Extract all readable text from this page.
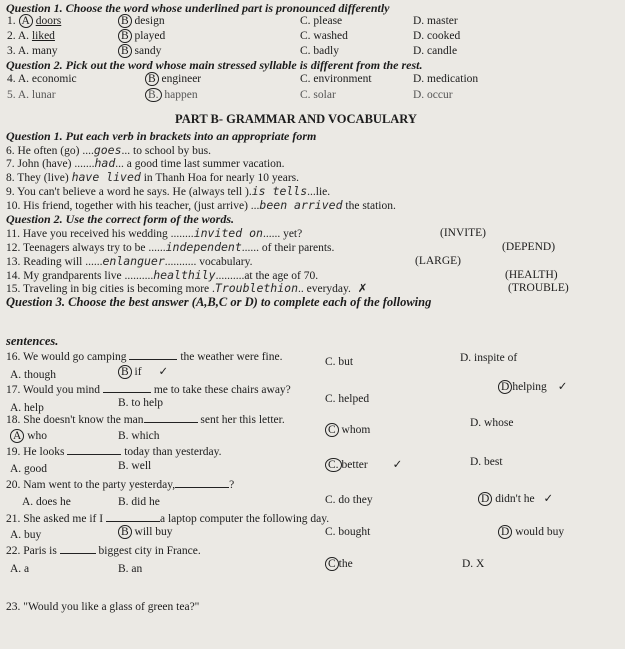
Question 1. Choose the word whose underlined part is pronounced differently
1. A doors	B design	C. please	D. master
2. A. liked	B played	C. washed	D. cooked
3. A. many	B sandy	C. badly	D. candle
Question 2. Pick out the word whose main stressed syllable is different from the rest.
4. A. economic	B engineer	C. environment	D. medication
5. A. lunar	B. happen	C. solar	D. occur
PART B- GRAMMAR AND VOCABULARY
Question 1. Put each verb in brackets into an appropriate form
6. He often (go) ....goes... to school by bus.
7. John (have) .......had... a good time last summer vacation.
8. They (live) have lived in Thanh Hoa for nearly 10 years.
9. You can't believe a word he says. He (always tell ).is tells...lie.
10. His friend, together with his teacher, (just arrive) ...been arrived the station.
Question 2. Use the correct form of the words.
11. Have you received his wedding ........invited on...... yet?	(INVITE)
12. Teenagers always try to be ......independent...... of their parents.	(DEPEND)
13. Reading will ......enlanguer........... vocabulary.	(LARGE)
14. My grandparents live ..........healthily..........at the age of 70.	(HEALTH)
15. Traveling in big cities is becoming more .Troublethion.. everyday. ✗	(TROUBLE)
Question 3. Choose the best answer (A,B,C or D) to complete each of the following
sentences.
16. We would go camping	the weather were fine.
A. though	B if ✓
C. but	D. inspite of
17. Would you mind	me to take these chairs away?
A. help	B. to help	C. helped
D helping ✓
18. She doesn't know the man	sent her this letter.
A who	B. which	C whom
D. whose
19. He looks	today than yesterday.
A. good	B. well	C. better ✓	D. best
20. Nam went to the party yesterday,	?
A. does he	B. did he	C. do they	D didn't he ✓
21. She asked me if I	a laptop computer the following day.
A. buy	B will buy	C. bought	D would buy
22. Paris is	biggest city in France.
A. a	B. an	C the	D. X
23. "Would you like a glass of green tea?"
